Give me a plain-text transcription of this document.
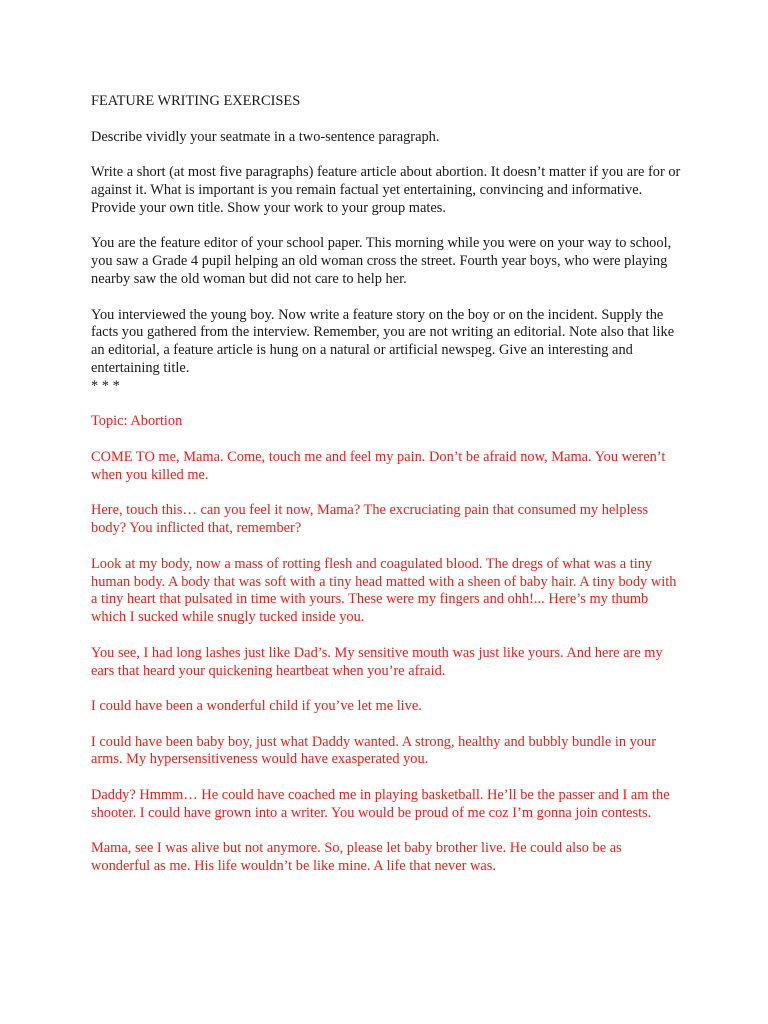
FEATURE WRITING EXERCISES

Describe vividly your seatmate in a two-sentence paragraph.

Write a short (at most five paragraphs) feature article about abortion. It doesn’t matter if you are for or against it. What is important is you remain factual yet entertaining, convincing and informative. Provide your own title. Show your work to your group mates.

You are the feature editor of your school paper. This morning while you were on your way to school, you saw a Grade 4 pupil helping an old woman cross the street. Fourth year boys, who were playing nearby saw the old woman but did not care to help her.

You interviewed the young boy. Now write a feature story on the boy or on the incident. Supply the facts you gathered from the interview. Remember, you are not writing an editorial. Note also that like an editorial, a feature article is hung on a natural or artificial newspeg. Give an interesting and entertaining title.

* * *

Topic: Abortion

COME TO me, Mama. Come, touch me and feel my pain. Don’t be afraid now, Mama. You weren’t when you killed me.

Here, touch this… can you feel it now, Mama? The excruciating pain that consumed my helpless body? You inflicted that, remember?

Look at my body, now a mass of rotting flesh and coagulated blood. The dregs of what was a tiny human body. A body that was soft with a tiny head matted with a sheen of baby hair. A tiny body with a tiny heart that pulsated in time with yours. These were my fingers and ohh!... Here’s my thumb which I sucked while snugly tucked inside you.

You see, I had long lashes just like Dad’s. My sensitive mouth was just like yours. And here are my ears that heard your quickening heartbeat when you’re afraid.

I could have been a wonderful child if you’ve let me live.

I could have been baby boy, just what Daddy wanted. A strong, healthy and bubbly bundle in your arms. My hypersensitiveness would have exasperated you.

Daddy? Hmmm… He could have coached me in playing basketball. He’ll be the passer and I am the shooter. I could have grown into a writer. You would be proud of me coz I’m gonna join contests.

Mama, see I was alive but not anymore. So, please let baby brother live. He could also be as wonderful as me. His life wouldn’t be like mine. A life that never was.
